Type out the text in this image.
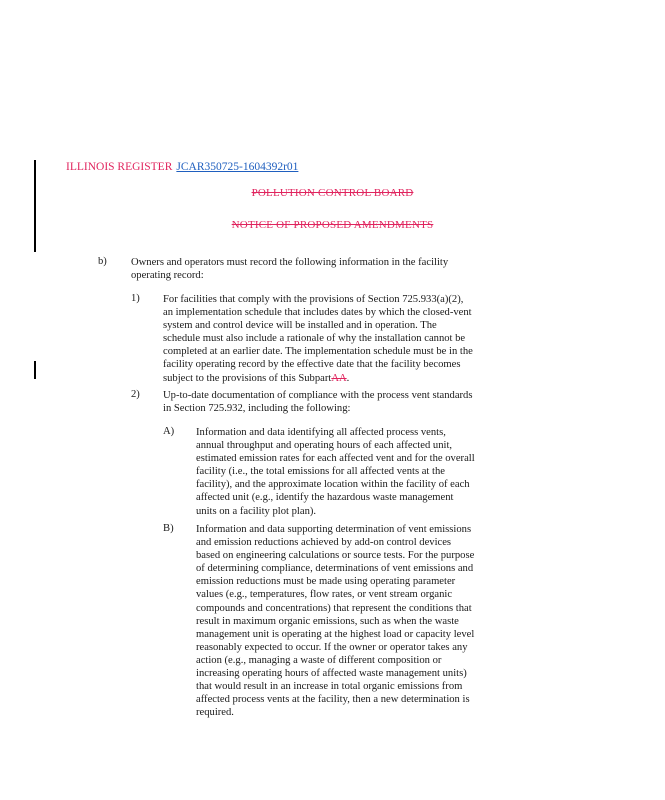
ILLINOIS REGISTER JCAR350725-1604392r01
POLLUTION CONTROL BOARD
NOTICE OF PROPOSED AMENDMENTS
b) Owners and operators must record the following information in the facility operating record:
1) For facilities that comply with the provisions of Section 725.933(a)(2), an implementation schedule that includes dates by which the closed-vent system and control device will be installed and in operation. The schedule must also include a rationale of why the installation cannot be completed at an earlier date. The implementation schedule must be in the facility operating record by the effective date that the facility becomes subject to the provisions of this SubpartAA.
2) Up-to-date documentation of compliance with the process vent standards in Section 725.932, including the following:
A) Information and data identifying all affected process vents, annual throughput and operating hours of each affected unit, estimated emission rates for each affected vent and for the overall facility (i.e., the total emissions for all affected vents at the facility), and the approximate location within the facility of each affected unit (e.g., identify the hazardous waste management units on a facility plot plan).
B) Information and data supporting determination of vent emissions and emission reductions achieved by add-on control devices based on engineering calculations or source tests. For the purpose of determining compliance, determinations of vent emissions and emission reductions must be made using operating parameter values (e.g., temperatures, flow rates, or vent stream organic compounds and concentrations) that represent the conditions that result in maximum organic emissions, such as when the waste management unit is operating at the highest load or capacity level reasonably expected to occur. If the owner or operator takes any action (e.g., managing a waste of different composition or increasing operating hours of affected waste management units) that would result in an increase in total organic emissions from affected process vents at the facility, then a new determination is required.
